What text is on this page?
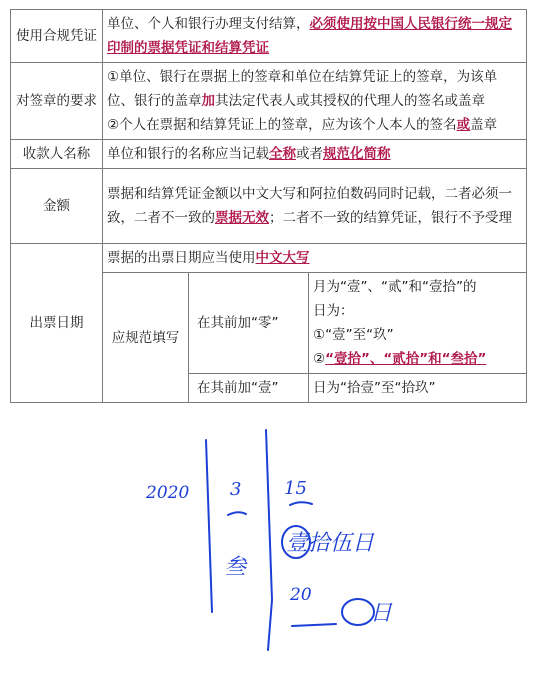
使用合规凭证	单位、个人和银行办理支付结算，必须使用按中国人民银行统一规定印制的票据凭证和结算凭证		
对签章的要求	①单位、银行在票据上的签章和单位在结算凭证上的签章，为该单位、银行的盖章加其法定代表人或其授权的代理人的签名或盖章
②个人在票据和结算凭证上的签章，应为该个人本人的签名或盖章		
收款人名称	单位和银行的名称应当记载全称或者规范化简称		
金额	票据和结算凭证金额以中文大写和阿拉伯数码同时记载，二者必须一致，二者不一致的票据无效；二者不一致的结算凭证，银行不予受理		
出票日期	票据的出票日期应当使用中文大写		
	应规范填写	在其前加“零”	月为“壹”、“贰”和“壹拾”的
日为：
①“壹”至“玖”
②“壹拾”、“贰拾”和“叁拾”
		在其前加“壹”	日为“拾壹”至“拾玖”
2020 3
叁
15
壹拾伍日
20
日
